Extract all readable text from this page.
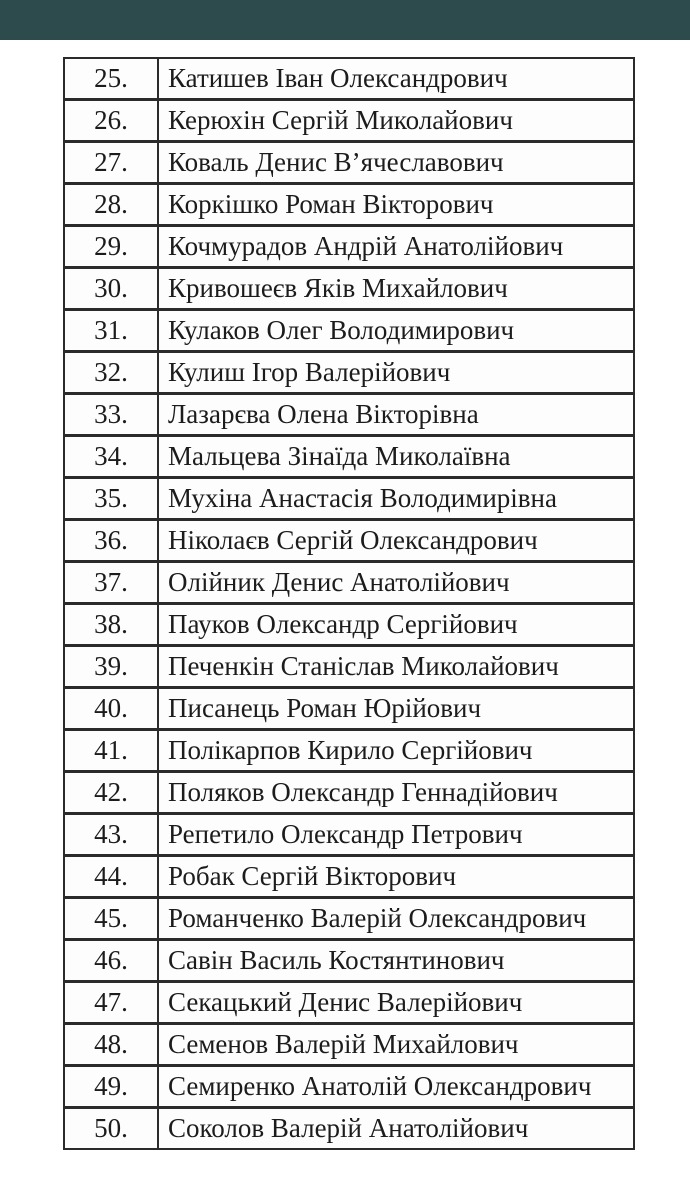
25.	Катишев Іван Олександрович
26.	Керюхін Сергій Миколайович
27.	Коваль Денис В’ячеславович
28.	Коркішко Роман Вікторович
29.	Кочмурадов Андрій Анатолійович
30.	Кривошеєв Яків Михайлович
31.	Кулаков Олег Володимирович
32.	Кулиш Ігор Валерійович
33.	Лазарєва Олена Вікторівна
34.	Мальцева Зінаїда Миколаївна
35.	Мухіна Анастасія Володимирівна
36.	Ніколаєв Сергій Олександрович
37.	Олійник Денис Анатолійович
38.	Пауков Олександр Сергійович
39.	Печенкін Станіслав Миколайович
40.	Писанець Роман Юрійович
41.	Полікарпов Кирило Сергійович
42.	Поляков Олександр Геннадійович
43.	Репетило Олександр Петрович
44.	Робак Сергій Вікторович
45.	Романченко Валерій Олександрович
46.	Савін Василь Костянтинович
47.	Секацький Денис Валерійович
48.	Семенов Валерій Михайлович
49.	Семиренко Анатолій Олександрович
50.	Соколов Валерій Анатолійович
